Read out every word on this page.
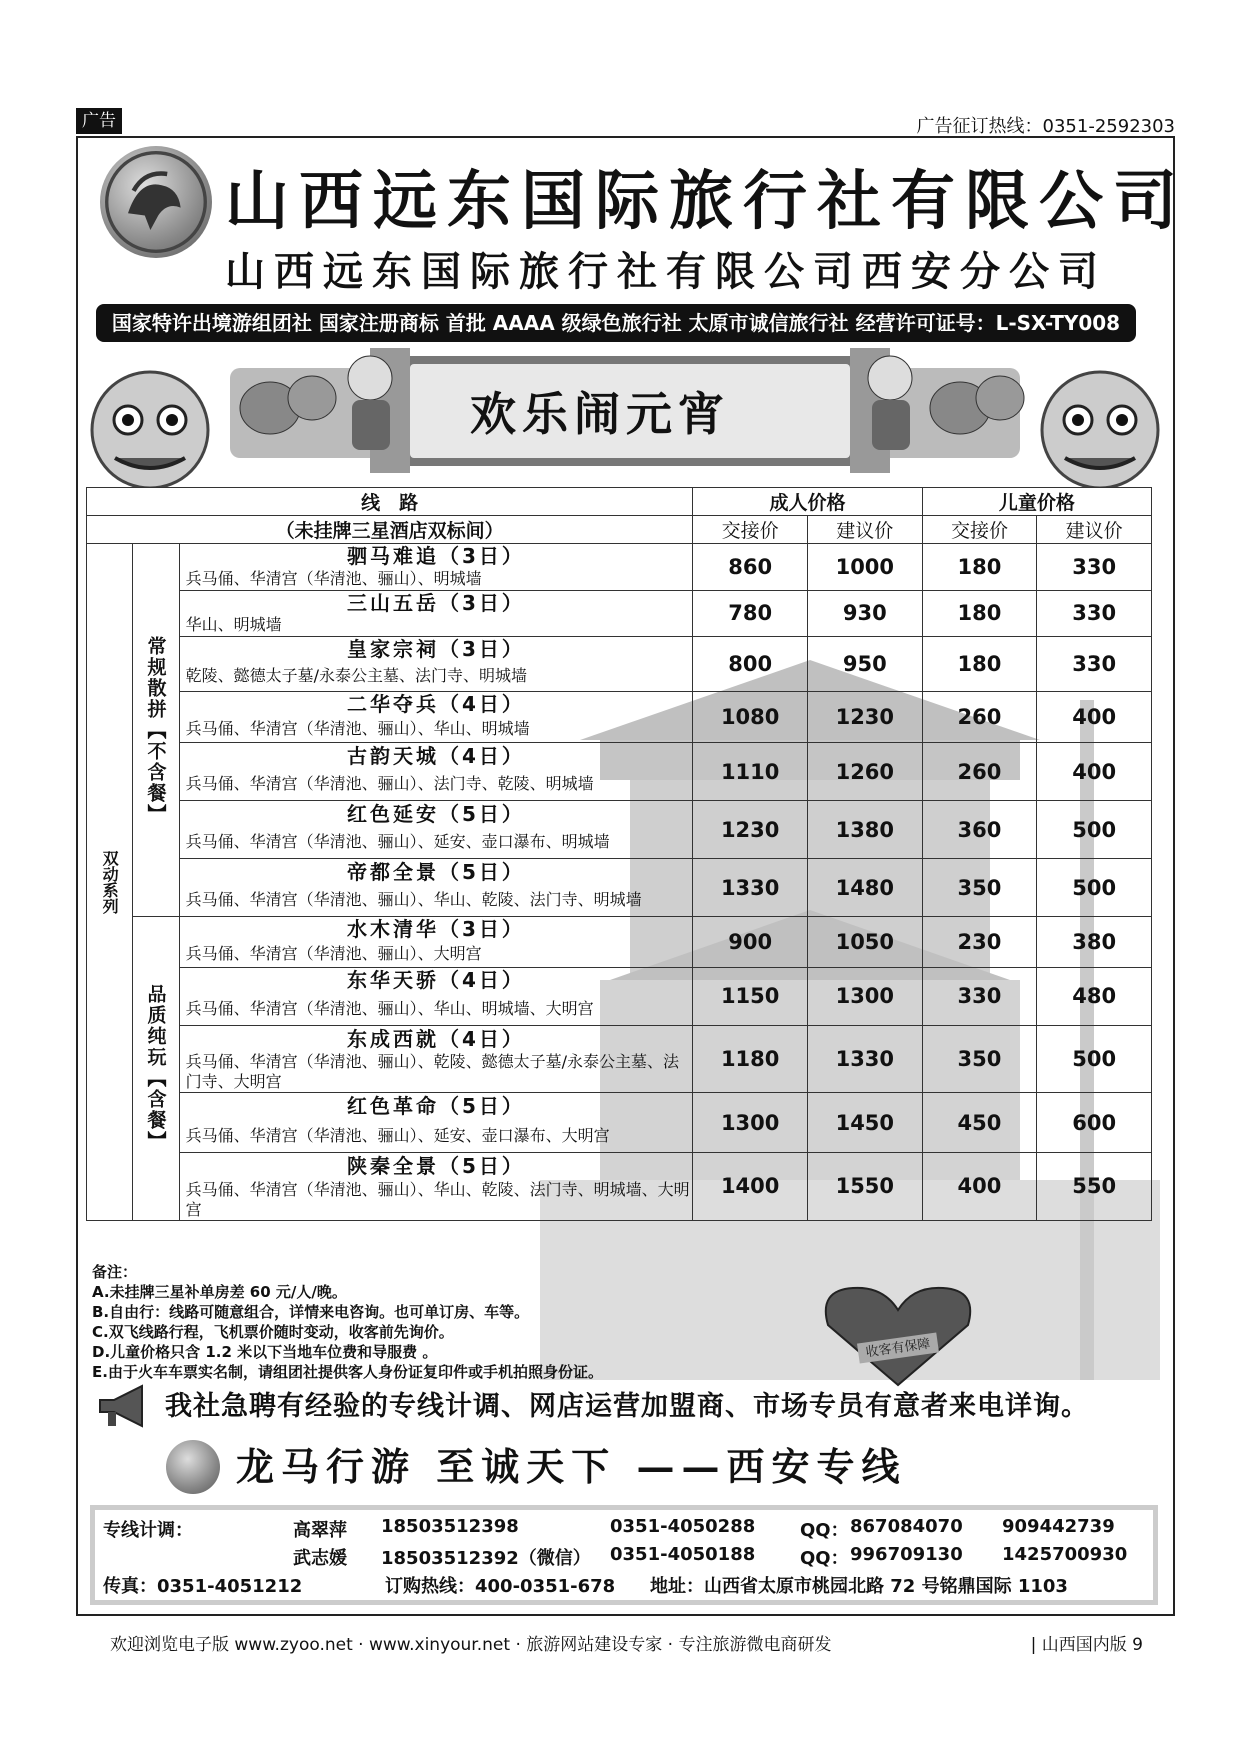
广告	广告征订热线：0351-2592303
山西远东国际旅行社有限公司
山西远东国际旅行社有限公司西安分公司
国家特许出境游组团社 国家注册商标 首批 AAAA 级绿色旅行社 太原市诚信旅行社 经营许可证号：L-SX-TY008
欢乐闹元宵
线　路			成人价格		儿童价格	
（未挂牌三星酒店双标间）			交接价	建议价	交接价	建议价
双动系列	常规散拼【不含餐】	驷马难追（3日）	860	1000	180	330
		兵马俑、华清宫（华清池、骊山）、明城墙				
		三山五岳（3日）	780	930	180	330
		华山、明城墙				
		皇家宗祠（3日）	800	950	180	330
		乾陵、懿德太子墓/永泰公主墓、法门寺、明城墙				
		二华夺兵（4日）	1080	1230	260	400
		兵马俑、华清宫（华清池、骊山）、华山、明城墙				
		古韵天城（4日）	1110	1260	260	400
		兵马俑、华清宫（华清池、骊山）、法门寺、乾陵、明城墙				
		红色延安（5日）	1230	1380	360	500
		兵马俑、华清宫（华清池、骊山）、延安、壶口瀑布、明城墙				
		帝都全景（5日）	1330	1480	350	500
		兵马俑、华清宫（华清池、骊山）、华山、乾陵、法门寺、明城墙				
	品质纯玩【含餐】	水木清华（3日）	900	1050	230	380
		兵马俑、华清宫（华清池、骊山）、大明宫				
		东华天骄（4日）	1150	1300	330	480
		兵马俑、华清宫（华清池、骊山）、华山、明城墙、大明宫				
		东成西就（4日）	1180	1330	350	500
		兵马俑、华清宫（华清池、骊山）、乾陵、懿德太子墓/永泰公主墓、法门寺、大明宫				
		红色革命（5日）	1300	1450	450	600
		兵马俑、华清宫（华清池、骊山）、延安、壶口瀑布、大明宫				
		陕秦全景（5日）	1400	1550	400	550
		兵马俑、华清宫（华清池、骊山）、华山、乾陵、法门寺、明城墙、大明宫				
备注：
A.未挂牌三星补单房差 60 元/人/晚。
B.自由行：线路可随意组合，详情来电咨询。也可单订房、车等。
C.双飞线路行程，飞机票价随时变动，收客前先询价。
D.儿童价格只含 1.2 米以下当地车位费和导服费 。
E.由于火车车票实名制，请组团社提供客人身份证复印件或手机拍照身份证。
收客有保障
我社急聘有经验的专线计调、网店运营加盟商、市场专员有意者来电详询。
龙马行游 至诚天下 ——西安专线
专线计调：	高翠萍 18503512398	0351-4050288 QQ： 867084070 909442739
武志媛 18503512392（微信） 0351-4050188 QQ： 996709130 1425700930
传真：0351-4051212	订购热线：400-0351-678 地址：山西省太原市桃园北路 72 号铭鼎国际 1103
欢迎浏览电子版 www.zyoo.net · www.xinyour.net · 旅游网站建设专家 · 专注旅游微电商研发	| 山西国内版 9
